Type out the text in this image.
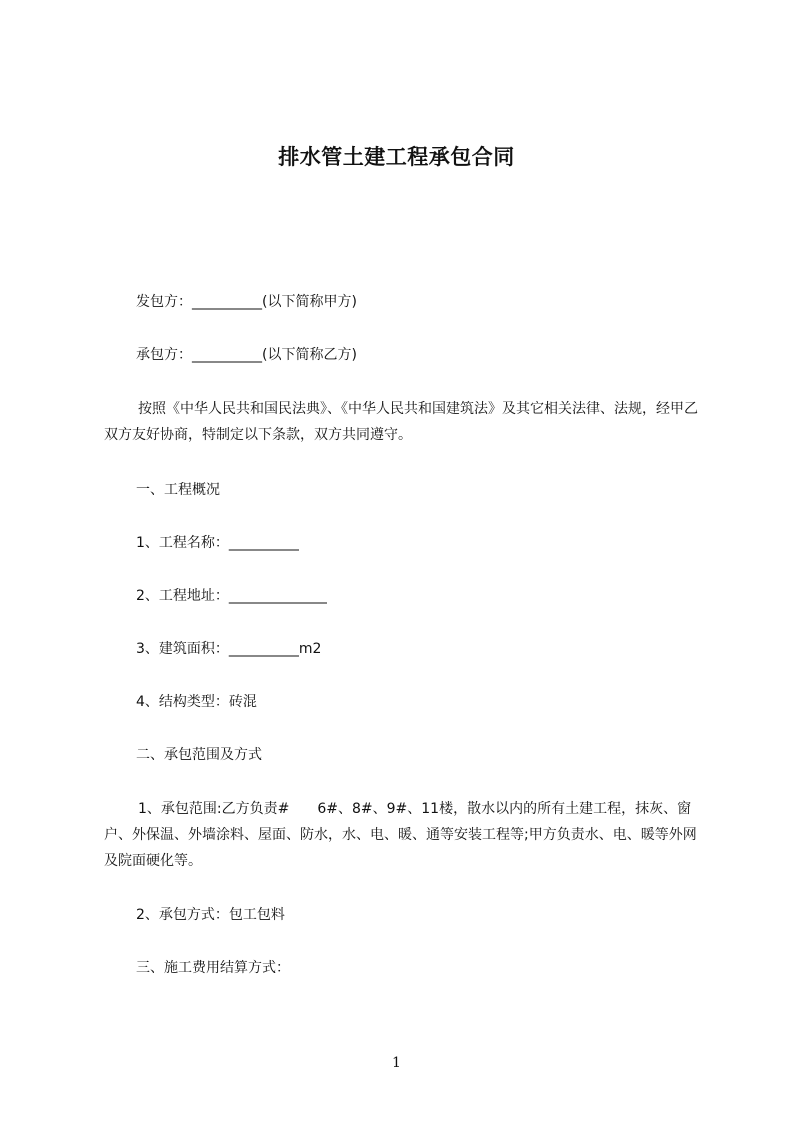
排水管土建工程承包合同
发包方：__________(以下简称甲方)
承包方：__________(以下简称乙方)
按照《中华人民共和国民法典》、《中华人民共和国建筑法》及其它相关法律、法规，经甲乙双方友好协商，特制定以下条款，双方共同遵守。
一、工程概况
1、工程名称：__________
2、工程地址：______________
3、建筑面积：__________m2
4、结构类型：砖混
二、承包范围及方式
1、承包范围:乙方负责#　　6#、8#、9#、11楼，散水以内的所有土建工程，抹灰、窗户、外保温、外墙涂料、屋面、防水，水、电、暖、通等安装工程等;甲方负责水、电、暖等外网及院面硬化等。
2、承包方式：包工包料
三、施工费用结算方式：
1
